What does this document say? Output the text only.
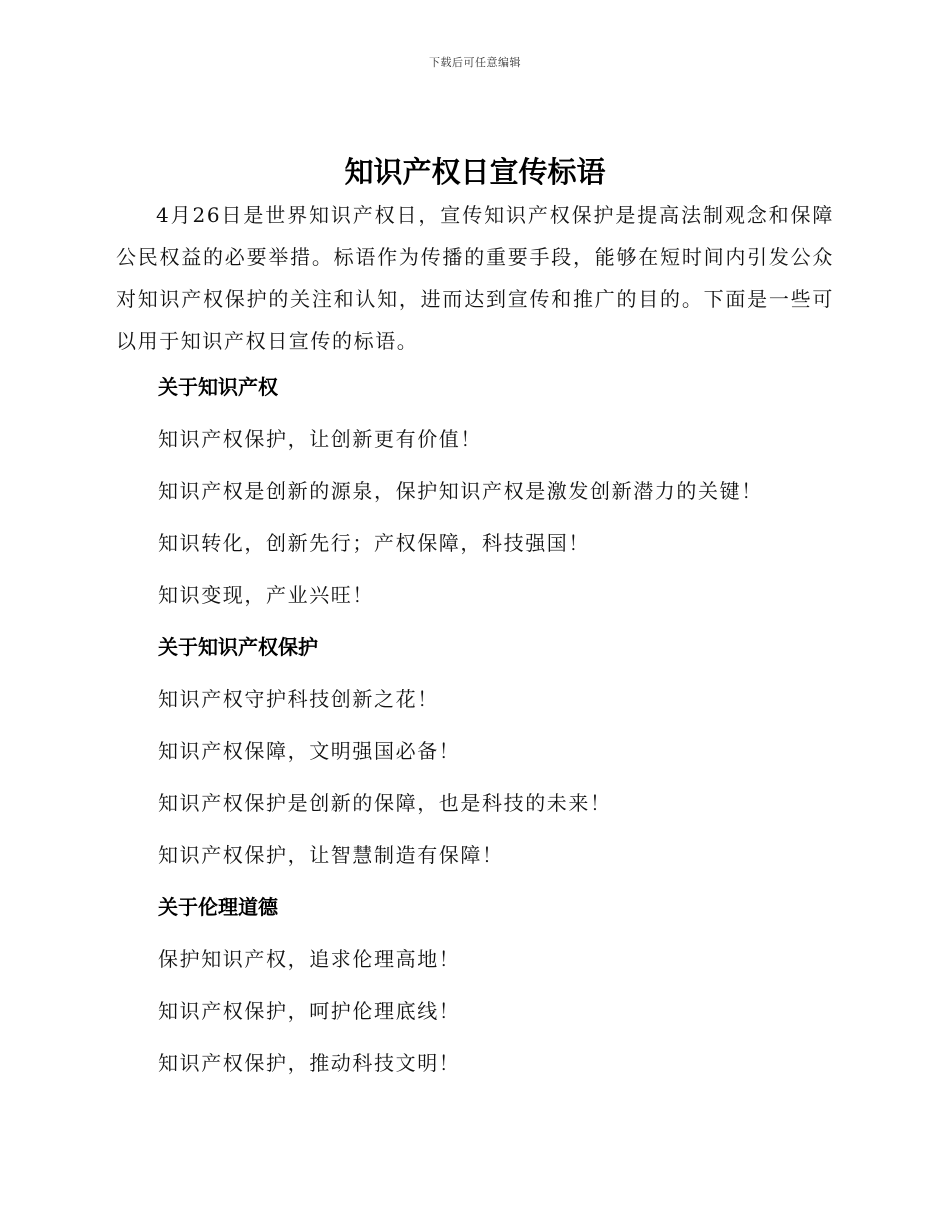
下载后可任意编辑
知识产权日宣传标语

4月26日是世界知识产权日，宣传知识产权保护是提高法制观念和保障公民权益的必要举措。标语作为传播的重要手段，能够在短时间内引发公众对知识产权保护的关注和认知，进而达到宣传和推广的目的。下面是一些可以用于知识产权日宣传的标语。

关于知识产权

知识产权保护，让创新更有价值！

知识产权是创新的源泉，保护知识产权是激发创新潜力的关键！

知识转化，创新先行；产权保障，科技强国！

知识变现，产业兴旺！

关于知识产权保护

知识产权守护科技创新之花！

知识产权保障，文明强国必备！

知识产权保护是创新的保障，也是科技的未来！

知识产权保护，让智慧制造有保障！

关于伦理道德

保护知识产权，追求伦理高地！

知识产权保护，呵护伦理底线！

知识产权保护，推动科技文明！
